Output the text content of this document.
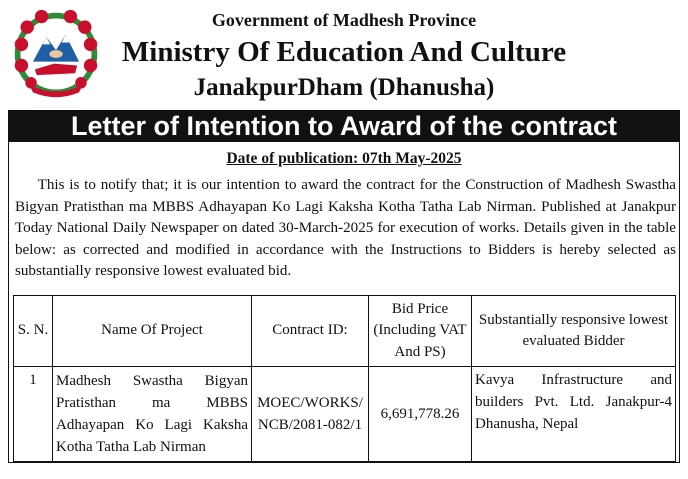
Government of Madhesh Province
Ministry Of Education And Culture
JanakpurDham (Dhanusha)
Letter of Intention to Award of the contract
Date of publication: 07th May-2025

  This is to notify that; it is our intention to award the contract for the Construction of Madhesh Swastha Bigyan Pratisthan ma MBBS Adhayapan Ko Lagi Kaksha Kotha Tatha Lab Nirman. Published at Janakpur Today National Daily Newspaper on dated 30-March-2025 for execution of works. Details given in the table below: as corrected and modified in accordance with the Instructions to Bidders is hereby selected as substantially responsive lowest evaluated bid.

S. N.	Name Of Project	Contract ID:	Bid Price (Including VAT And PS)	Substantially responsive lowest evaluated Bidder
1	Madhesh Swastha Bigyan Pratisthan ma MBBS Adhayapan Ko Lagi Kaksha Kotha Tatha Lab Nirman	MOEC/WORKS/ NCB/2081-082/1	6,691,778.26	Kavya Infrastructure and builders Pvt. Ltd. Janakpur-4 Dhanusha, Nepal
